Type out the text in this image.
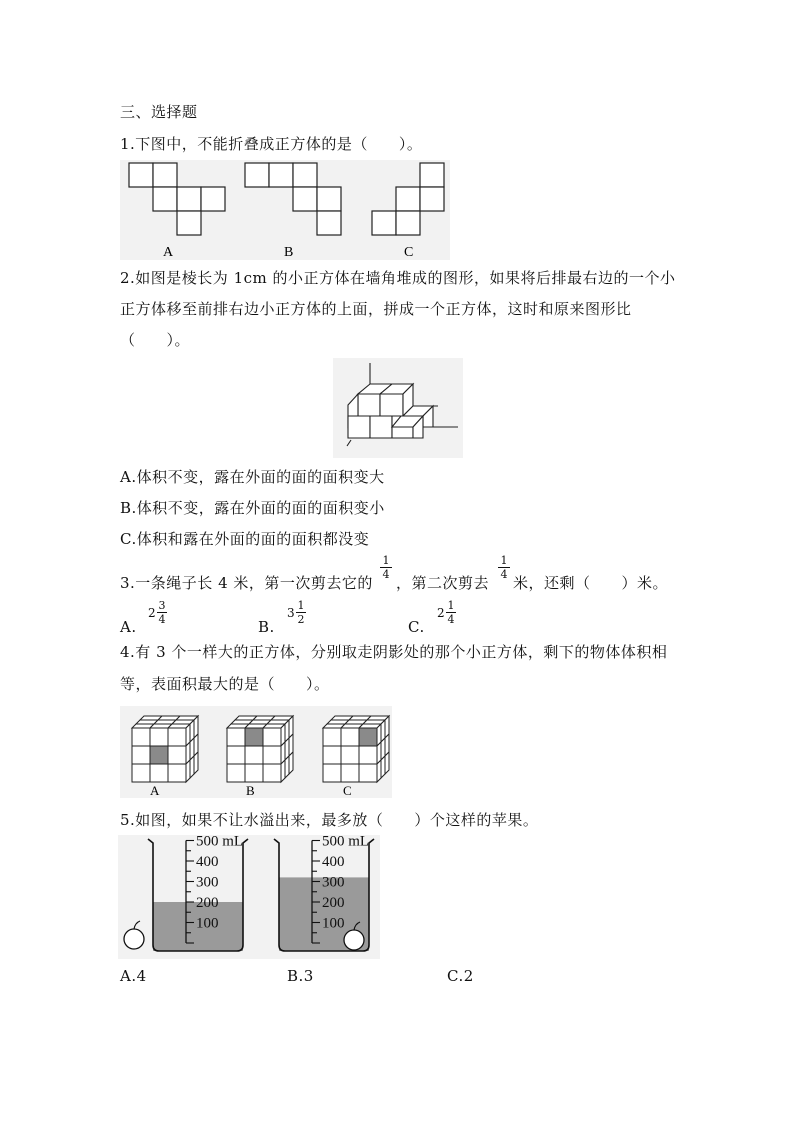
三、选择题
1.下图中，不能折叠成正方体的是（　　）。
A	B	C
2.如图是棱长为 1cm 的小正方体在墙角堆成的图形，如果将后排最右边的一个小
正方体移至前排右边小正方体的上面，拼成一个正方体，这时和原来图形比
（　　）。
A.体积不变，露在外面的面的面积变大
B.体积不变，露在外面的面的面积变小
C.体积和露在外面的面的面积都没变
3.一条绳子长 4 米，第一次剪去它的
1
4 ，第二次剪去
1
4 米，还剩（　　）米。
A.
2
3
4	B.
3
1
2	C.
2
1
4
4.有 3 个一样大的正方体，分别取走阴影处的那个小正方体，剩下的物体体积相
等，表面积最大的是（　　）。
A	B	C
5.如图，如果不让水溢出来，最多放（　　）个这样的苹果。
500 mL
400
300
200
100
500 mL
400
300
200
100
A.4	B.3	C.2
